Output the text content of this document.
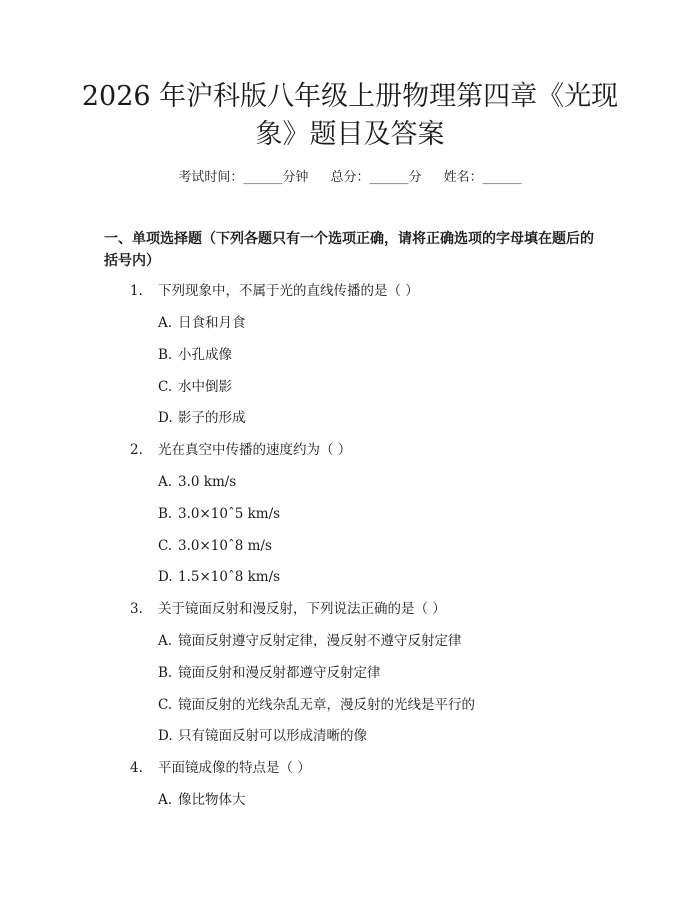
2026 年沪科版八年级上册物理第四章《光现象》题目及答案
考试时间：______分钟 总分：______分 姓名：______
一、单项选择题（下列各题只有一个选项正确，请将正确选项的字母填在题后的括号内）
1. 下列现象中，不属于光的直线传播的是（ ）
A. 日食和月食
B. 小孔成像
C. 水中倒影
D. 影子的形成
2. 光在真空中传播的速度约为（ ）
A. 3.0 km/s
B. 3.0×10ˆ5 km/s
C. 3.0×10ˆ8 m/s
D. 1.5×10ˆ8 km/s
3. 关于镜面反射和漫反射，下列说法正确的是（ ）
A. 镜面反射遵守反射定律，漫反射不遵守反射定律
B. 镜面反射和漫反射都遵守反射定律
C. 镜面反射的光线杂乱无章，漫反射的光线是平行的
D. 只有镜面反射可以形成清晰的像
4. 平面镜成像的特点是（ ）
A. 像比物体大
